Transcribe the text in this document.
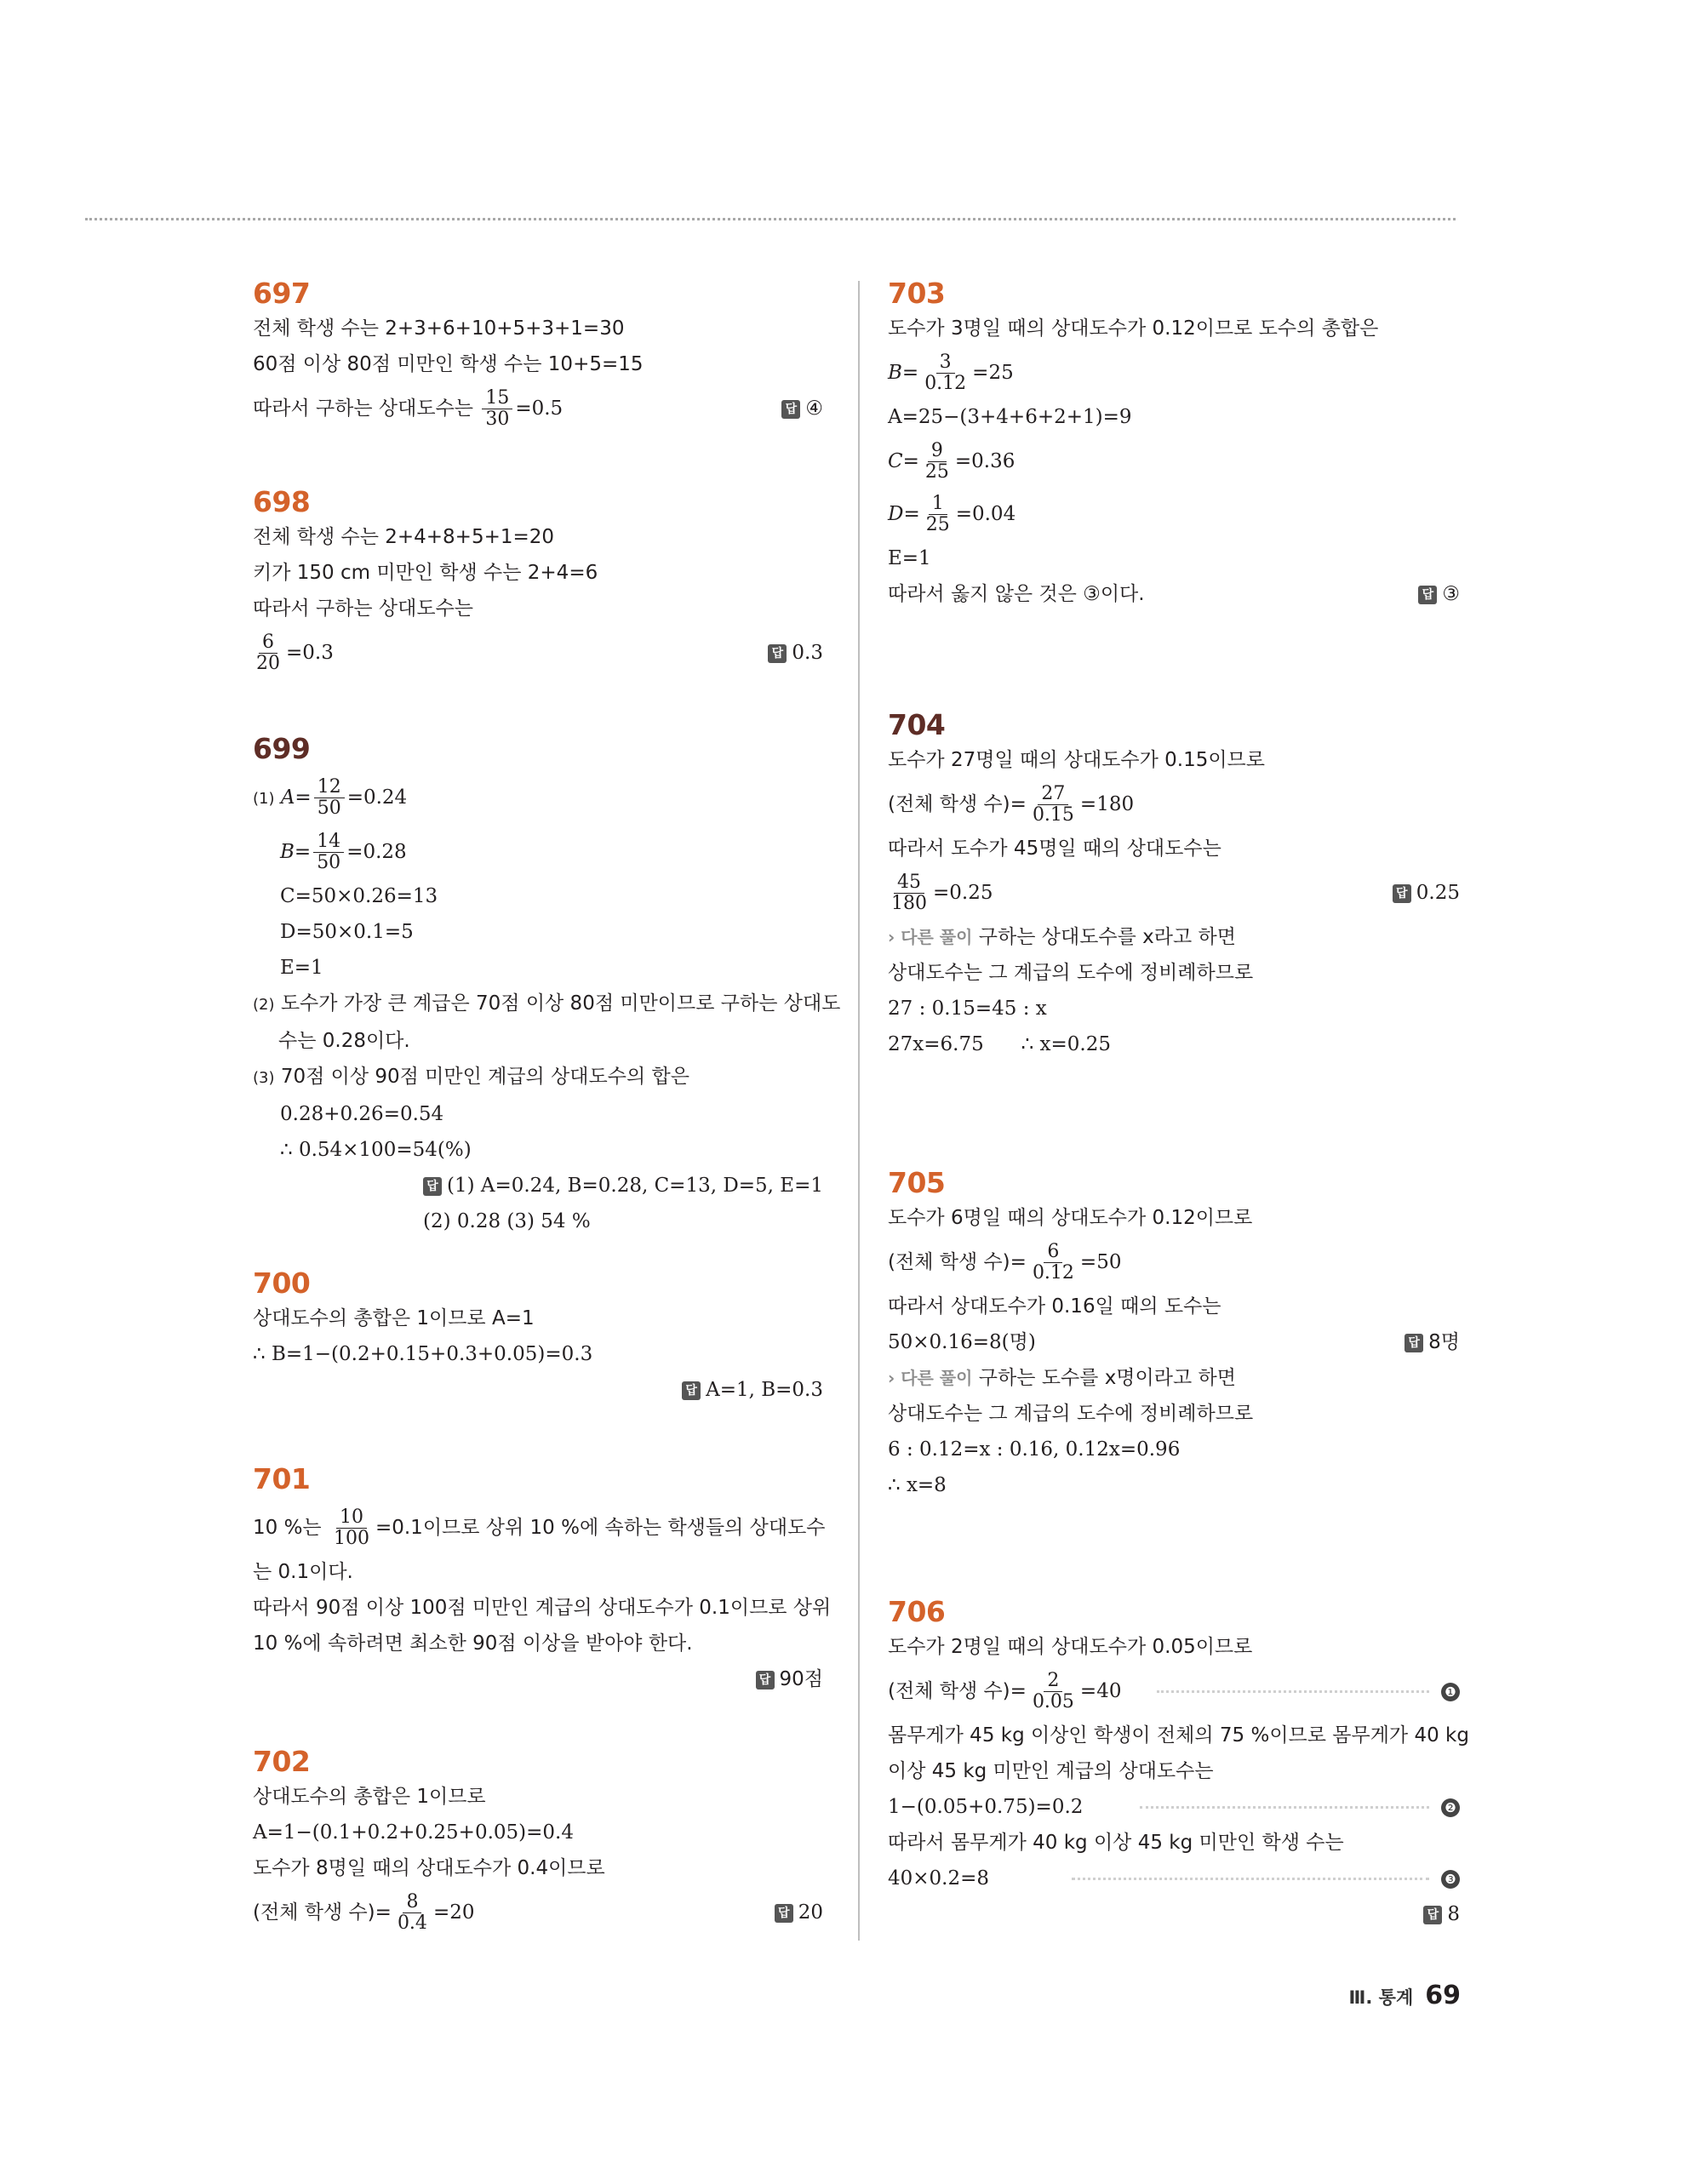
697
전체 학생 수는 2+3+6+10+5+3+1=30
60점 이상 80점 미만인 학생 수는 10+5=15
따라서 구하는 상대도수는 $\frac{15}{30} =0.5$	답 ④
698
전체 학생 수는 2+4+8+5+1=20
키가 150 cm 미만인 학생 수는 2+4=6
따라서 구하는 상대도수는
$\frac{6}{20} =0.3$	답 0.3
699
(1) $A= \frac{12}{50} =0.24$
$B= \frac{14}{50} =0.28$
C=50×0.26=13
D=50×0.1=5
E=1
(2) 도수가 가장 큰 계급은 70점 이상 80점 미만이므로 구하는 상대도
수는 0.28이다.
(3) 70점 이상 90점 미만인 계급의 상대도수의 합은
0.28+0.26=0.54
∴ 0.54×100=54(%)
답 (1) A=0.24, B=0.28, C=13, D=5, E=1
(2) 0.28 (3) 54 %
700
상대도수의 총합은 1이므로 A=1
∴ B=1−(0.2+0.15+0.3+0.05)=0.3
답 A=1, B=0.3
701
10 %는 $\frac{10}{100} =0.1$이므로 상위 10 %에 속하는 학생들의 상대도수
는 0.1이다.
따라서 90점 이상 100점 미만인 계급의 상대도수가 0.1이므로 상위
10 %에 속하려면 최소한 90점 이상을 받아야 한다.
답 90점
702
상대도수의 총합은 1이므로
A=1−(0.1+0.2+0.25+0.05)=0.4
도수가 8명일 때의 상대도수가 0.4이므로
(전체 학생 수)= $\frac{8}{0.4} =20$	답 20
703
도수가 3명일 때의 상대도수가 0.12이므로 도수의 총합은
$B= \frac{3}{0.12} =25$
A=25−(3+4+6+2+1)=9
$C= \frac{9}{25} =0.36$
$D= \frac{1}{25} =0.04$
E=1
따라서 옳지 않은 것은 ③이다.	답 ③
704
도수가 27명일 때의 상대도수가 0.15이므로
(전체 학생 수)= $\frac{27}{0.15} =180$
따라서 도수가 45명일 때의 상대도수는
$\frac{45}{180} =0.25$	답 0.25
› 다른 풀이 구하는 상대도수를 x라고 하면
상대도수는 그 계급의 도수에 정비례하므로
27 : 0.15=45 : x
27x=6.75      ∴ x=0.25
705
도수가 6명일 때의 상대도수가 0.12이므로
(전체 학생 수)= $\frac{6}{0.12} =50$
따라서 상대도수가 0.16일 때의 도수는
50×0.16=8(명)	답 8명
› 다른 풀이 구하는 도수를 x명이라고 하면
상대도수는 그 계급의 도수에 정비례하므로
6 : 0.12=x : 0.16, 0.12x=0.96
∴ x=8
706
도수가 2명일 때의 상대도수가 0.05이므로
(전체 학생 수)= $\frac{2}{0.05} =40$	❶
몸무게가 45 kg 이상인 학생이 전체의 75 %이므로 몸무게가 40 kg
이상 45 kg 미만인 계급의 상대도수는
1−(0.05+0.75)=0.2	❷
따라서 몸무게가 40 kg 이상 45 kg 미만인 학생 수는
40×0.2=8	❸
답 8
Ⅲ. 통계 69
